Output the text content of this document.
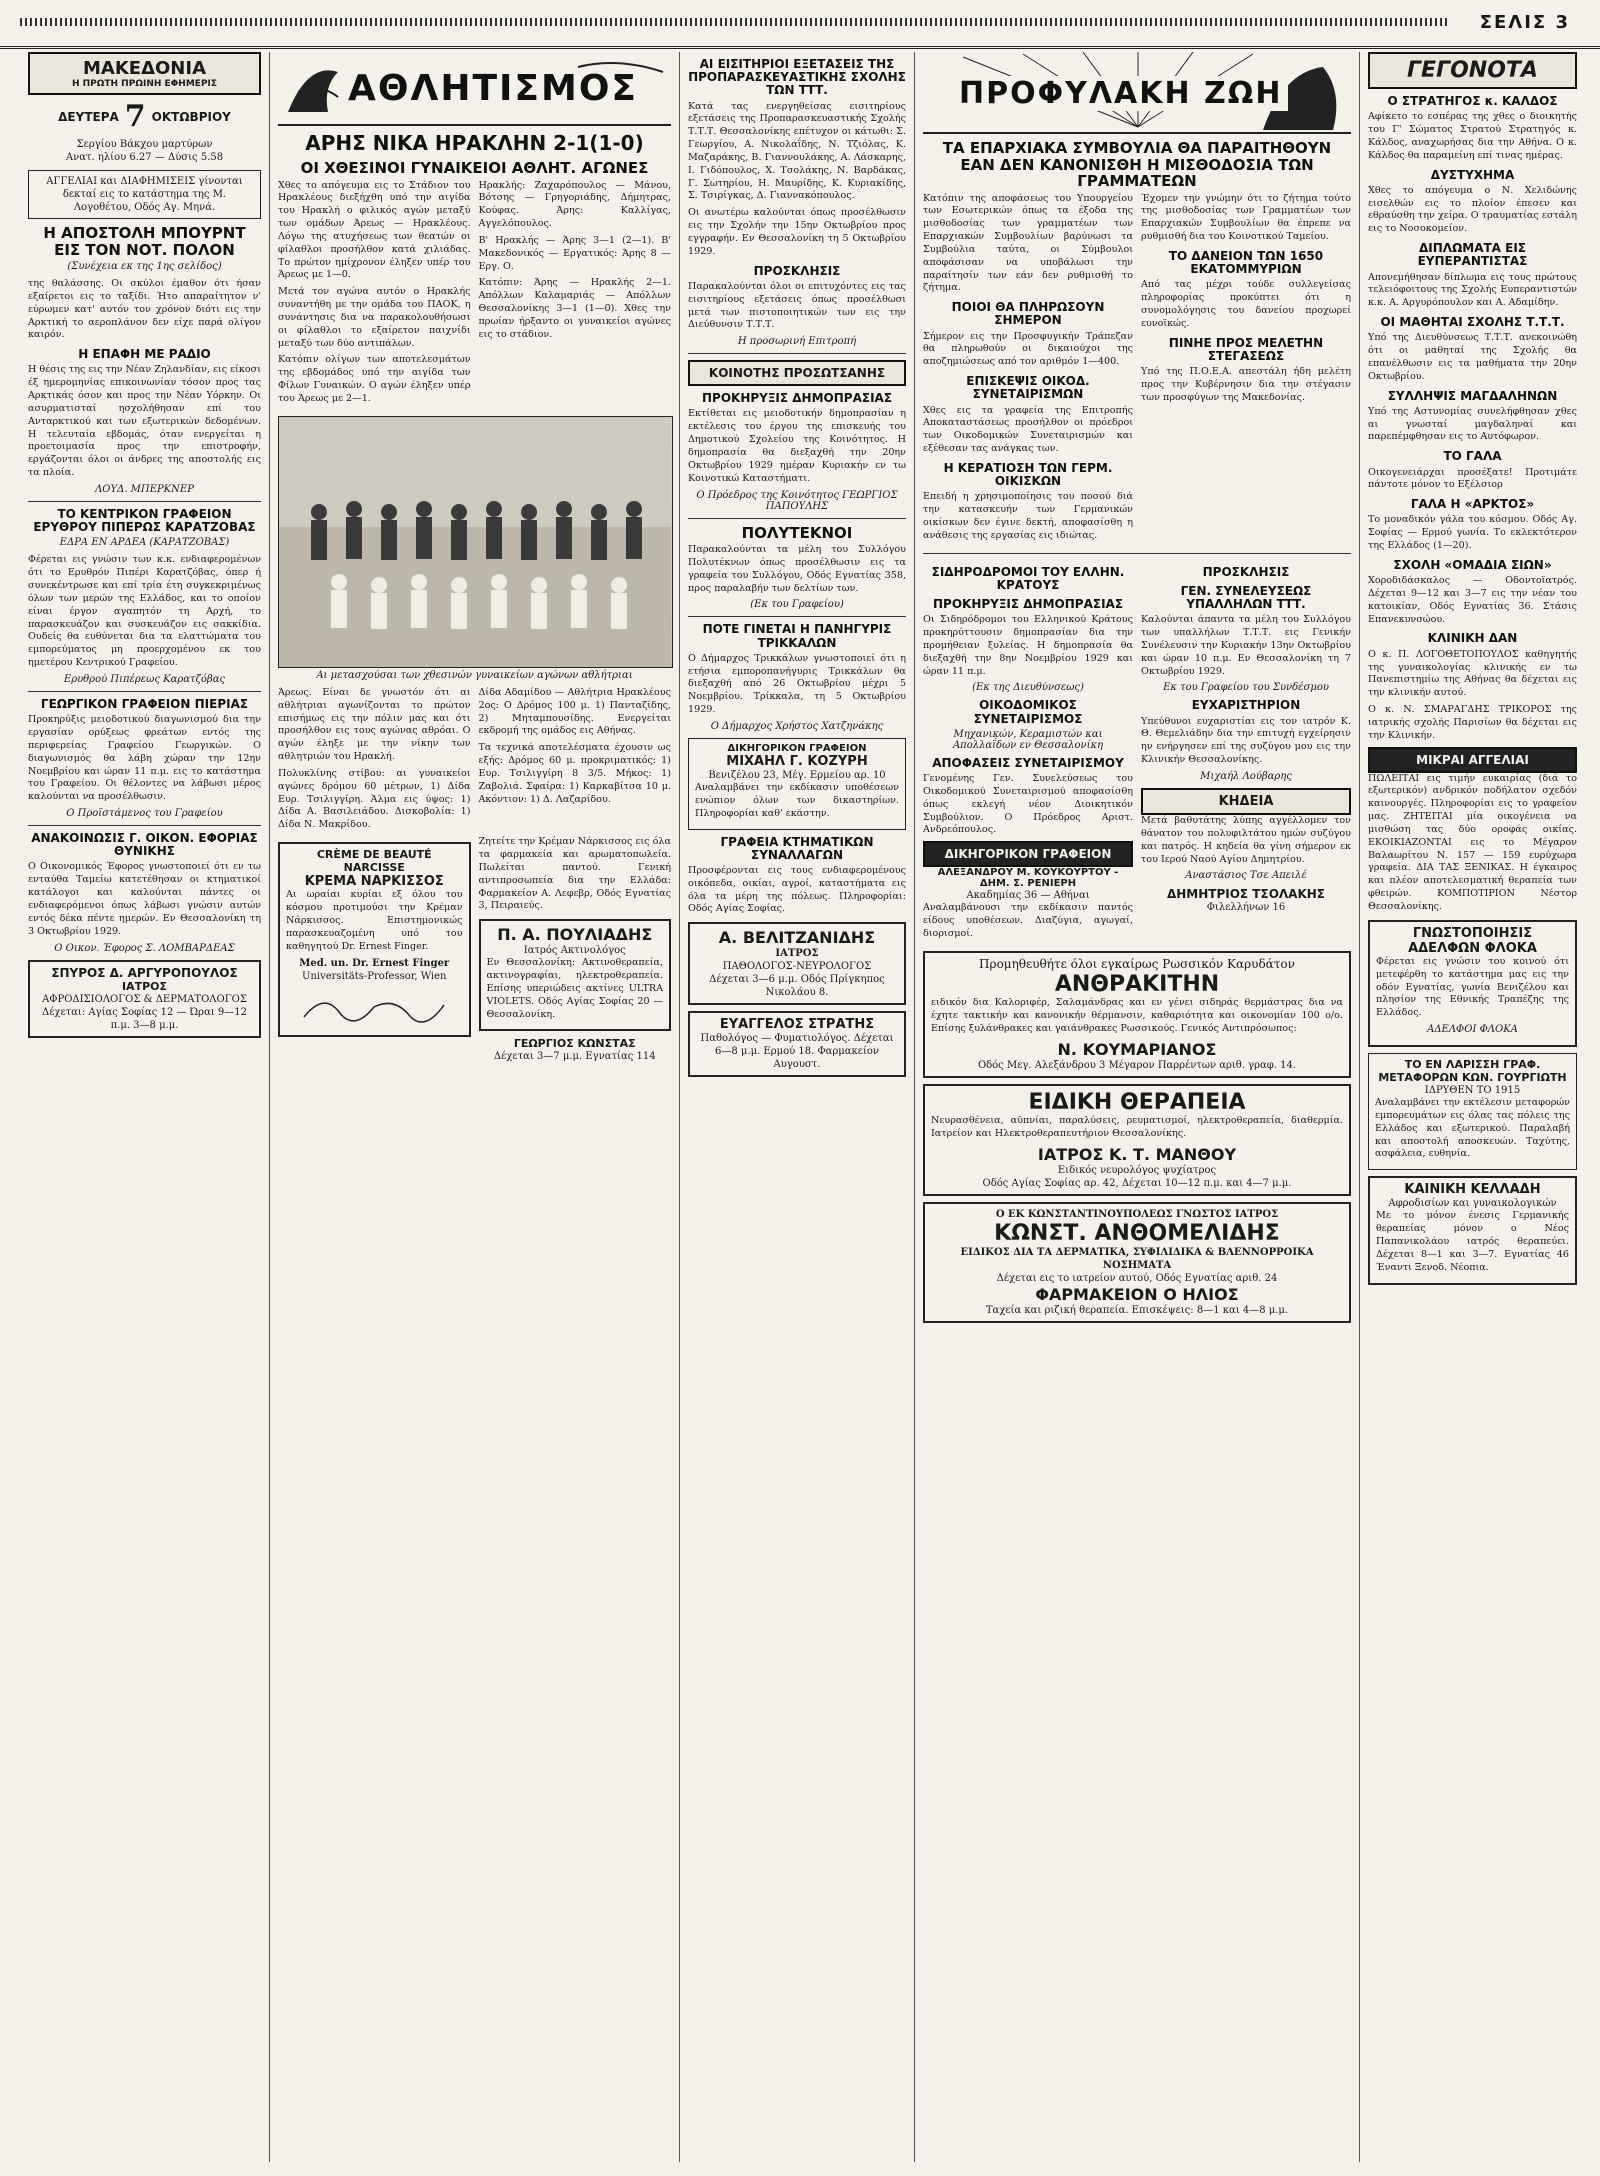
ΣΕΛΙΣ 3
ΜΑΚΕΔΟΝΙΑ
Η ΠΡΩΤΗ ΠΡΩΙΝΗ ΕΦΗΜΕΡΙΣ
ΔΕΥΤΕΡΑ 7 ΟΚΤΩΒΡΙΟΥ
Σεργίου Βάκχου μαρτύρων
Ανατ. ηλίου 6.27 — Δύσις 5.58
ΑΓΓΕΛΙΑΙ και ΔΙΑΦΗΜΙΣΕΙΣ γίνονται δεκταί εις το κατάστημα της Μ. Λογοθέτου, Οδός Αγ. Μηνά.
Η ΑΠΟΣΤΟΛΗ ΜΠΟΥΡΝΤ ΕΙΣ ΤΟΝ ΝΟΤ. ΠΟΛΟΝ
(Συνέχεια εκ της 1ης σελίδος)

της θαλάσσης. Οι σκύλοι έμαθον ότι ήσαν εξαίρετοι εις το ταξίδι. Ήτο απαραίτητον ν' εύρωμεν κατ' αυτόν τον χρόνον διότι εις την Αρκτική το αεροπλάνον δεν είχε παρά ολίγον καιρόν.

Η ΕΠΑΦΗ ΜΕ ΡΑΔΙΟ

Η θέσις της εις την Νέαν Ζηλανδίαν, εις είκοσι έξ ημερομηνίας επικοινωνίαν τόσον προς τας Αρκτικάς όσον και προς την Νέαν Υόρκην. Οι ασυρματισταί ησχολήθησαν επί του Ανταρκτικού και των εξωτερικών δεδομένων. Η τελευταία εβδομάς, όταν ενεργείται η προετοιμασία προς την επιστροφήν, εργάζονται όλοι οι άνδρες της αποστολής εις τα πλοία.

ΛΟΥΔ. ΜΠΕΡΚΝΕΡ
ΤΟ ΚΕΝΤΡΙΚΟΝ ΓΡΑΦΕΙΟΝ ΕΡΥΘΡΟΥ ΠΙΠΕΡΩΣ ΚΑΡΑΤΖΟΒΑΣ
ΕΔΡΑ ΕΝ ΑΡΔΕΑ (ΚΑΡΑΤΖΟΒΑΣ)

Φέρεται εις γνώσιν των κ.κ. ενδιαφερομένων ότι το Ερυθρόν Πιπέρι Καρατζόβας, όπερ ή συνεκέντρωσε και επί τρία έτη συγκεκριμένως όλων των μερών της Ελλάδος, και το οποίον είναι έργον αγαπητόν τη Αρχή, το παρασκευάζον και συσκευάζον εις σακκίδια. Ουδείς θα ευθύνεται δια τα ελαττώματα του εμπορεύματος μη προερχομένου εκ του ημετέρου Κεντρικού Γραφείου.

Ερυθρού Πιπέρεως Καρατζόβας
ΓΕΩΡΓΙΚΟΝ ΓΡΑΦΕΙΟΝ ΠΙΕΡΙΑΣ

Προκηρύξις μειοδοτικού διαγωνισμού δια την εργασίαν ορύξεως φρεάτων εντός της περιφερείας Γραφείου Γεωργικών. Ο διαγωνισμός θα λάβη χώραν την 12ην Νοεμβρίου και ώραν 11 π.μ. εις το κατάστημα του Γραφείου. Οι θέλοντες να λάβωσι μέρος καλούνται να προσέλθωσιν.

Ο Προϊστάμενος του Γραφείου
ΑΝΑΚΟΙΝΩΣΙΣ Γ. ΟΙΚΟΝ. ΕΦΟΡΙΑΣ ΘΥΝΙΚΗΣ

Ο Οικονομικός Έφορος γνωστοποιεί ότι εν τω ενταύθα Ταμείω κατετέθησαν οι κτηματικοί κατάλογοι και καλούνται πάντες οι ενδιαφερόμενοι όπως λάβωσι γνώσιν αυτών εντός δέκα πέντε ημερών. Εν Θεσσαλονίκη τη 3 Οκτωβρίου 1929.

Ο Οικον. Έφορος Σ. ΛΟΜΒΑΡΔΕΑΣ
ΣΠΥΡΟΣ Δ. ΑΡΓΥΡΟΠΟΥΛΟΣ
ΙΑΤΡΟΣ
ΑΦΡΟΔΙΣΙΟΛΟΓΟΣ & ΔΕΡΜΑΤΟΛΟΓΟΣ
Δέχεται: Αγίας Σοφίας 12 — Ώραι 9—12 π.μ. 3—8 μ.μ.
ΑΘΛΗΤΙΣΜΟΣ
ΑΡΗΣ ΝΙΚΑ ΗΡΑΚΛΗΝ 2-1(1-0)
ΟΙ ΧΘΕΣΙΝΟΙ ΓΥΝΑΙΚΕΙΟΙ ΑΘΛΗΤ. ΑΓΩΝΕΣ

Χθες το απόγευμα εις το Στάδιον του Ηρακλέους διεξήχθη υπό την αιγίδα του Ηρακλή ο φιλικός αγών μεταξύ των ομάδων Άρεως — Ηρακλέους. Λόγω της ατυχήσεως των θεατών οι φίλαθλοι προσήλθον κατά χιλιάδας. Το πρώτον ημίχρονον έληξεν υπέρ του Άρεως με 1—0.

Μετά τον αγώνα αυτόν ο Ηρακλής συναντήθη με την ομάδα του ΠΑΟΚ, η συνάντησις δια να παρακολουθήσωσι οι φίλαθλοι το εξαίρετον παιχνίδι μεταξύ των δύο αντιπάλων.

Κατόπιν ολίγων των αποτελεσμάτων της εβδομάδος υπό την αιγίδα των Φίλων Γυναικών. Ο αγών έληξεν υπέρ του Άρεως με 2—1.

Ηρακλής: Ζαχαρόπουλος — Μάνου, Βότσης — Γρηγοριάδης, Δήμητρας, Κούφας. Άρης: Καλλίγας, Αγγελόπουλος.

Β' Ηρακλής — Άρης 3—1 (2—1). Β' Μακεδονικός — Εργατικός: Άρης 8 — Εργ. Ο.

Κατόπιν: Άρης — Ηρακλής 2—1. Απόλλων Καλαμαριάς — Απόλλων Θεσσαλονίκης 3—1 (1—0). Χθες την πρωίαν ήρξαντο οι γυναικείοι αγώνες εις το στάδιον.

Αι μετασχούσαι των χθεσινών γυναικείων αγώνων αθλήτριαι

Άρεως. Είναι δε γνωστόν ότι αι αθλήτριαι αγωνίζονται το πρώτον επισήμως εις την πόλιν μας και ότι προσήλθον εις τους αγώνας αθρόαι. Ο αγών έληξε με την νίκην των αθλητριών του Ηρακλή.

Πολυκλίνης στίβου: αι γυναικείοι αγώνες δρόμου 60 μέτρων, 1) Δίδα Ευρ. Τσιλιγγίρη. Άλμα εις ύψος: 1) Δίδα Α. Βασιλειάδου. Δισκοβολία: 1) Δίδα Ν. Μακρίδου.

Δίδα Αδαμίδου — Αθλήτρια Ηρακλέους 2ος: Ο Δρόμος 100 μ. 1) Πανταζίδης, 2) Μηταμπουσίδης. Ενεργείται εκδρομή της ομάδος εις Αθήνας.

Τα τεχνικά αποτελέσματα έχουσιν ως εξής: Δρόμος 60 μ. προκριματικός: 1) Ευρ. Τσιλιγγίρη 8 3/5. Μήκος: 1) Ζαβολιά. Σφαίρα: 1) Καρκαβίτσα 10 μ. Ακόντιον: 1) Δ. Λαζαρίδου.

CRÈME DE BEAUTÉ NARCISSE
ΚΡΕΜΑ ΝΑΡΚΙΣΣΟΣ

Αι ωραίαι κυρίαι εξ όλου του κόσμου προτιμούσι την Κρέμαν Νάρκισσος. Επιστημονικώς παρασκευαζομένη υπό του καθηγητού Dr. Ernest Finger.

Med. un. Dr. Ernest Finger
Universitäts-Professor, Wien

Ζητείτε την Κρέμαν Νάρκισσος εις όλα τα φαρμακεία και αρωματοπωλεία. Πωλείται παντού. Γενική αντιπροσωπεία δια την Ελλάδα: Φαρμακείον Α. Λεφεβρ, Οδός Εγνατίας 3, Πειραιεύς.

Π. Α. ΠΟΥΛΙΑΔΗΣ
Ιατρός Ακτινολόγος

Εν Θεσσαλονίκη: Ακτινοθεραπεία, ακτινογραφίαι, ηλεκτροθεραπεία. Επίσης υπεριώδεις ακτίνες ULTRA VIOLETS. Οδός Αγίας Σοφίας 20 — Θεσσαλονίκη.

ΓΕΩΡΓΙΟΣ ΚΩΝΣΤΑΣ
Δέχεται 3—7 μ.μ. Εγνατίας 114
ΑΙ ΕΙΣΙΤΗΡΙΟΙ ΕΞΕΤΑΣΕΙΣ ΤΗΣ ΠΡΟΠΑΡΑΣΚΕΥΑΣΤΙΚΗΣ ΣΧΟΛΗΣ ΤΩΝ ΤΤΤ.

Κατά τας ενεργηθείσας εισιτηρίους εξετάσεις της Προπαρασκευαστικής Σχολής Τ.Τ.Τ. Θεσσαλονίκης επέτυχον οι κάτωθι: Σ. Γεωργίου, Α. Νικολαΐδης, Ν. Τζιόλας, Κ. Μαζαράκης, Β. Γιαννουλάκης, Α. Λάσκαρης, Ι. Γιδόπουλος, Χ. Τσολάκης, Ν. Βαρδάκας, Γ. Σωτηρίου, Η. Μαυρίδης, Κ. Κυριακίδης, Σ. Τσιρίγκας, Δ. Γιαννακόπουλος.

Οι ανωτέρω καλούνται όπως προσέλθωσιν εις την Σχολήν την 15ην Οκτωβρίου προς εγγραφήν. Εν Θεσσαλονίκη τη 5 Οκτωβρίου 1929.

ΠΡΟΣΚΛΗΣΙΣ

Παρακαλούνται όλοι οι επιτυχόντες εις τας εισιτηρίους εξετάσεις όπως προσέλθωσι μετά των πιστοποιητικών των εις την Διεύθυνσιν Τ.Τ.Τ.

Η προσωρινή Επιτροπή
ΚΟΙΝΟΤΗΣ ΠΡΟΣΩΤΣΑΝΗΣ
ΠΡΟΚΗΡΥΞΙΣ ΔΗΜΟΠΡΑΣΙΑΣ

Εκτίθεται εις μειοδοτικήν δημοπρασίαν η εκτέλεσις του έργου της επισκευής του Δημοτικού Σχολείου της Κοινότητος. Η δημοπρασία θα διεξαχθή την 20ην Οκτωβρίου 1929 ημέραν Κυριακήν εν τω Κοινοτικώ Καταστήματι.

Ο Πρόεδρος της Κοινότητος ΓΕΩΡΓΙΟΣ ΠΑΠΟΥΛΗΣ
ΠΟΛΥΤΕΚΝΟΙ

Παρακαλούνται τα μέλη του Συλλόγου Πολυτέκνων όπως προσέλθωσιν εις τα γραφεία του Συλλόγου, Οδός Εγνατίας 358, προς παραλαβήν των δελτίων των.

(Εκ του Γραφείου)
ΠΟΤΕ ΓΙΝΕΤΑΙ Η ΠΑΝΗΓΥΡΙΣ ΤΡΙΚΚΑΛΩΝ

Ο Δήμαρχος Τρικκάλων γνωστοποιεί ότι η ετήσια εμποροπανήγυρις Τρικκάλων θα διεξαχθή από 26 Οκτωβρίου μέχρι 5 Νοεμβρίου. Τρίκκαλα, τη 5 Οκτωβρίου 1929.

Ο Δήμαρχος Χρήστος Χατζηνάκης
ΔΙΚΗΓΟΡΙΚΟΝ ΓΡΑΦΕΙΟΝ
ΜΙΧΑΗΛ Γ. ΚΟΖΥΡΗ
Βενιζέλου 23, Μέγ. Ερμείου αρ. 10

Αναλαμβάνει την εκδίκασιν υποθέσεων ενώπιον όλων των δικαστηρίων. Πληροφορίαι καθ' εκάστην.

ΓΡΑΦΕΙΑ ΚΤΗΜΑΤΙΚΩΝ ΣΥΝΑΛΛΑΓΩΝ

Προσφέρονται εις τους ενδιαφερομένους οικόπεδα, οικίαι, αγροί, καταστήματα εις όλα τα μέρη της πόλεως. Πληροφορίαι: Οδός Αγίας Σοφίας.

Α. ΒΕΛΙΤΖΑΝΙΔΗΣ
ΙΑΤΡΟΣ
ΠΑΘΟΛΟΓΟΣ-ΝΕΥΡΟΛΟΓΟΣ
Δέχεται 3—6 μ.μ. Οδός Πρίγκηπος Νικολάου 8.
ΕΥΑΓΓΕΛΟΣ ΣΤΡΑΤΗΣ
Παθολόγος — Φυματιολόγος. Δέχεται 6—8 μ.μ. Ερμού 18. Φαρμακείον Αυγουστ.
ΠΡΟΦΥΛΑΚΗ ΖΩΗ
ΤΑ ΕΠΑΡΧΙΑΚΑ ΣΥΜΒΟΥΛΙΑ ΘΑ ΠΑΡΑΙΤΗΘΟΥΝ ΕΑΝ ΔΕΝ ΚΑΝΟΝΙΣΘΗ Η ΜΙΣΘΟΔΟΣΙΑ ΤΩΝ ΓΡΑΜΜΑΤΕΩΝ

Κατόπιν της αποφάσεως του Υπουργείου των Εσωτερικών όπως τα έξοδα της μισθοδοσίας των γραμματέων των Επαρχιακών Συμβουλίων βαρύνωσι τα Συμβούλια ταύτα, οι Σύμβουλοι αποφάσισαν να υποβάλωσι την παραίτησίν των εάν δεν ρυθμισθή το ζήτημα.

ΠΟΙΟΙ ΘΑ ΠΛΗΡΩΣΟΥΝ ΣΗΜΕΡΟΝ

Σήμερον εις την Προσφυγικήν Τράπεζαν θα πληρωθούν οι δικαιούχοι της αποζημιώσεως από τον αριθμόν 1—400.

ΕΠΙΣΚΕΨΙΣ ΟΙΚΟΔ. ΣΥΝΕΤΑΙΡΙΣΜΩΝ

Χθες εις τα γραφεία της Επιτροπής Αποκαταστάσεως προσήλθον οι πρόεδροι των Οικοδομικών Συνεταιρισμών και εξέθεσαν τας ανάγκας των.

Η ΚΕΡΑΤΙΟΣΗ ΤΩΝ ΓΕΡΜ. ΟΙΚΙΣΚΩΝ

Επειδή η χρησιμοποίησις του ποσού διά την κατασκευήν των Γερμανικών οικίσκων δεν έγινε δεκτή, αποφασίσθη η ανάθεσις της εργασίας εις ιδιώτας.

Έχομεν την γνώμην ότι το ζήτημα τούτο της μισθοδοσίας των Γραμματέων των Επαρχιακών Συμβουλίων θα έπρεπε να ρυθμισθή δια του Κοινοτικού Ταμείου.

ΤΟ ΔΑΝΕΙΟΝ ΤΩΝ 1650 ΕΚΑΤΟΜΜΥΡΙΩΝ

Από τας μέχρι τούδε συλλεγείσας πληροφορίας προκύπτει ότι η συνομολόγησις του δανείου προχωρεί ευνοϊκώς.

ΠΙΝΗΕ ΠΡΟΣ ΜΕΛΕΤΗΝ ΣΤΕΓΑΣΕΩΣ

Υπό της Π.Ο.Ε.Α. απεστάλη ήδη μελέτη προς την Κυβέρνησιν δια την στέγασιν των προσφύγων της Μακεδονίας.

ΣΙΔΗΡΟΔΡΟΜΟΙ ΤΟΥ ΕΛΛΗΝ. ΚΡΑΤΟΥΣ
ΠΡΟΚΗΡΥΞΙΣ ΔΗΜΟΠΡΑΣΙΑΣ

Οι Σιδηρόδρομοι του Ελληνικού Κράτους προκηρύττουσιν δημοπρασίαν δια την προμήθειαν ξυλείας. Η δημοπρασία θα διεξαχθή την 8ην Νοεμβρίου 1929 και ώραν 11 π.μ.

(Εκ της Διευθύνσεως)
ΟΙΚΟΔΟΜΙΚΟΣ ΣΥΝΕΤΑΙΡΙΣΜΟΣ
Μηχανικών, Κεραμιστών και Απολλαΐδων εν Θεσσαλονίκη
ΑΠΟΦΑΣΕΙΣ ΣΥΝΕΤΑΙΡΙΣΜΟΥ

Γενομένης Γεν. Συνελεύσεως του Οικοδομικού Συνεταιρισμού αποφασίσθη όπως εκλεγή νέον Διοικητικόν Συμβούλιον. Ο Πρόεδρος Αριστ. Ανδρεόπουλος.

ΔΙΚΗΓΟΡΙΚΟΝ ΓΡΑΦΕΙΟΝ
ΑΛΕΞΑΝΔΡΟΥ Μ. ΚΟΥΚΟΥΡΤΟΥ - ΔΗΜ. Σ. ΡΕΝΙΕΡΗ
Ακαδημίας 36 — Αθήναι

Αναλαμβάνουσι την εκδίκασιν παντός είδους υποθέσεων. Διαζύγια, αγωγαί, διορισμοί.

ΠΡΟΣΚΛΗΣΙΣ
ΓΕΝ. ΣΥΝΕΛΕΥΣΕΩΣ ΥΠΑΛΛΗΛΩΝ ΤΤΤ.

Καλούνται άπαντα τα μέλη του Συλλόγου των υπαλλήλων Τ.Τ.Τ. εις Γενικήν Συνέλευσιν την Κυριακήν 13ην Οκτωβρίου και ώραν 10 π.μ. Εν Θεσσαλονίκη τη 7 Οκτωβρίου 1929.

Εκ του Γραφείου του Συνδέσμου
ΕΥΧΑΡΙΣΤΗΡΙΟΝ

Υπεύθυνοι ευχαριστίαι εις τον ιατρόν Κ. Θ. Θεμελιάδην δια την επιτυχή εγχείρησιν ην ενήργησεν επί της συζύγου μου εις την Κλινικήν Θεσσαλονίκης.

Μιχαήλ Λούβαρης
ΚΗΔΕΙΑ

Μετά βαθυτάτης λύπης αγγέλλομεν τον θάνατον του πολυφιλτάτου ημών συζύγου και πατρός. Η κηδεία θα γίνη σήμερον εκ του Ιερού Ναού Αγίου Δημητρίου.

Αναστάσιος Τσε Απειλέ
ΔΗΜΗΤΡΙΟΣ ΤΣΟΛΑΚΗΣ
Φιλελλήνων 16
Προμηθευθήτε όλοι εγκαίρως Ρωσσικόν Καρυδάτον
ΑΝΘΡΑΚΙΤΗΝ

ειδικόν δια Καλοριφέρ, Σαλαμάνδρας και εν γένει σιδηράς θερμάστρας δια να έχητε τακτικήν και κανονικήν θέρμανσιν, καθαριότητα και οικονομίαν 100 ο/ο. Επίσης ξυλάνθρακες και γαιάνθρακες Ρωσσικούς. Γενικός Αντιπρόσωπος:

Ν. ΚΟΥΜΑΡΙΑΝΟΣ
Οδός Μεγ. Αλεξάνδρου 3 Μέγαρον Παρρέντων αριθ. γραφ. 14.
ΕΙΔΙΚΗ ΘΕΡΑΠΕΙΑ

Νευρασθένεια, αϋπνίαι, παραλύσεις, ρευματισμοί, ηλεκτροθεραπεία, διαθερμία. Ιατρείον και Ηλεκτροθεραπευτήριον Θεσσαλονίκης.

ΙΑΤΡΟΣ Κ. Τ. ΜΑΝΘΟΥ
Ειδικός νευρολόγος ψυχίατρος
Οδός Αγίας Σοφίας αρ. 42, Δέχεται 10—12 π.μ. και 4—7 μ.μ.
Ο ΕΚ ΚΩΝΣΤΑΝΤΙΝΟΥΠΟΛΕΩΣ ΓΝΩΣΤΟΣ ΙΑΤΡΟΣ
ΚΩΝΣΤ. ΑΝΘΟΜΕΛΙΔΗΣ
ΕΙΔΙΚΟΣ ΔΙΑ ΤΑ ΔΕΡΜΑΤΙΚΑ, ΣΥΦΙΛΙΔΙΚΑ & ΒΛΕΝΝΟΡΡΟΙΚΑ ΝΟΣΗΜΑΤΑ
Δέχεται εις το ιατρείον αυτού, Οδός Εγνατίας αριθ. 24
ΦΑΡΜΑΚΕΙΟΝ Ο ΗΛΙΟΣ
Ταχεία και ριζική θεραπεία. Επισκέψεις: 8—1 και 4—8 μ.μ.
ΓΕΓΟΝΟΤΑ
Ο ΣΤΡΑΤΗΓΟΣ κ. ΚΑΛΔΟΣ

Αφίκετο το εσπέρας της χθες ο διοικητής του Γ' Σώματος Στρατού Στρατηγός κ. Κάλδος, αναχωρήσας δια την Αθήνα. Ο κ. Κάλδος θα παραμείνη επί τινας ημέρας.

ΔΥΣΤΥΧΗΜΑ

Χθες το απόγευμα ο Ν. Χελιδώνης εισελθών εις το πλοίον έπεσεν και εθραύσθη την χείρα. Ο τραυματίας εστάλη εις το Νοσοκομείον.

ΔΙΠΛΩΜΑΤΑ ΕΙΣ ΕΥΠΕΡΑΝΤΙΣΤΑΣ

Απονεμήθησαν δίπλωμα εις τους πρώτους τελειόφοιτους της Σχολής Ευπεραντιστών κ.κ. Α. Αργυρόπουλον και Α. Αδαμίδην.

ΟΙ ΜΑΘΗΤΑΙ ΣΧΟΛΗΣ Τ.Τ.Τ.

Υπό της Διευθύνσεως Τ.Τ.Τ. ανεκοινώθη ότι οι μαθηταί της Σχολής θα επανέλθωσιν εις τα μαθήματα την 20ην Οκτωβρίου.

ΣΥΛΛΗΨΙΣ ΜΑΓΔΑΛΗΝΩΝ

Υπό της Αστυνομίας συνελήφθησαν χθες αι γνωσταί μαγδαληναί και παρεπέμφθησαν εις το Αυτόφωρον.

ΤΟ ΓΑΛΑ

Οικογενειάρχαι προσέξατε! Προτιμάτε πάντοτε μόνον το Εξέλσιορ

ΓΑΛΑ Η «ΑΡΚΤΟΣ»

Το μοναδικόν γάλα του κόσμου. Οδός Αγ. Σοφίας — Ερμού γωνία. Το εκλεκτότερον της Ελλάδος (1—20).

ΣΧΟΛΗ «ΟΜΑΔΙΑ ΣΙΩΝ»

Χοροδιδάσκαλος — Οδοντοϊατρός. Δέχεται 9—12 και 3—7 εις την νέαν του κατοικίαν, Οδός Εγνατίας 36. Στάσις Επανεκυνσώου.

ΚΛΙΝΙΚΗ ΔΑΝ

Ο κ. Π. ΛΟΓΟΘΕΤΟΠΟΥΛΟΣ καθηγητής της γυναικολογίας κλινικής εν τω Πανεπιστημίω της Αθήνας θα δέχεται εις την κλινικήν αυτού.

Ο κ. Ν. ΣΜΑΡΑΓΔΗΣ ΤΡΙΚΟΡΟΣ της ιατρικής σχολής Παρισίων θα δέχεται εις την Κλινικήν.

ΜΙΚΡΑΙ ΑΓΓΕΛΙΑΙ

ΠΩΛΕΙΤΑΙ εις τιμήν ευκαιρίας (διά το εξωτερικόν) ανδρικόν ποδήλατον σχεδόν καινουργές. Πληροφορίαι εις το γραφείον μας. ΖΗΤΕΙΤΑΙ μία οικογένεια να μισθώση τας δύο οροφάς οικίας. ΕΚΟΙΚΙΑΖΟΝΤΑΙ εις το Μέγαρον Βαλαωρίτου Ν. 157 — 159 ευρύχωρα γραφεία. ΔΙΑ ΤΑΣ ΞΕΝΙΚΑΣ. Η έγκαιρος και πλέον αποτελεσματική θεραπεία των φθειρών. ΚΟΜΠΟΤΙΡΙΟΝ Νέστορ Θεσσαλονίκης.

ΓΝΩΣΤΟΠΟΙΗΣΙΣ
ΑΔΕΛΦΩΝ ΦΛΟΚΑ

Φέρεται εις γνώσιν του κοινού ότι μετεφέρθη το κατάστημα μας εις την οδόν Εγνατίας, γωνία Βενιζέλου και πλησίον της Εθνικής Τραπέζης της Ελλάδος.

ΑΔΕΛΦΟΙ ΦΛΟΚΑ
ΤΟ ΕΝ ΛΑΡΙΣΣΗ ΓΡΑΦ. ΜΕΤΑΦΟΡΩΝ ΚΩΝ. ΓΟΥΡΓΙΩΤΗ
ΙΔΡΥΘΕΝ ΤΟ 1915

Αναλαμβάνει την εκτέλεσιν μεταφορών εμπορευμάτων εις όλας τας πόλεις της Ελλάδος και εξωτερικού. Παραλαβή και αποστολή αποσκευών. Ταχύτης, ασφάλεια, ευθηνία.

ΚΑΙΝΙΚΗ ΚΕΛΛΑΔΗ
Αφροδισίων και γυναικολογικών

Με το μόνον ένεσις Γερμανικής θεραπείας μόνον ο Νέος Παπανικολάου ιατρός θεραπεύει. Δέχεται 8—1 και 3—7. Εγνατίας 46 Έναντι Ξενοδ. Νέοπια.
